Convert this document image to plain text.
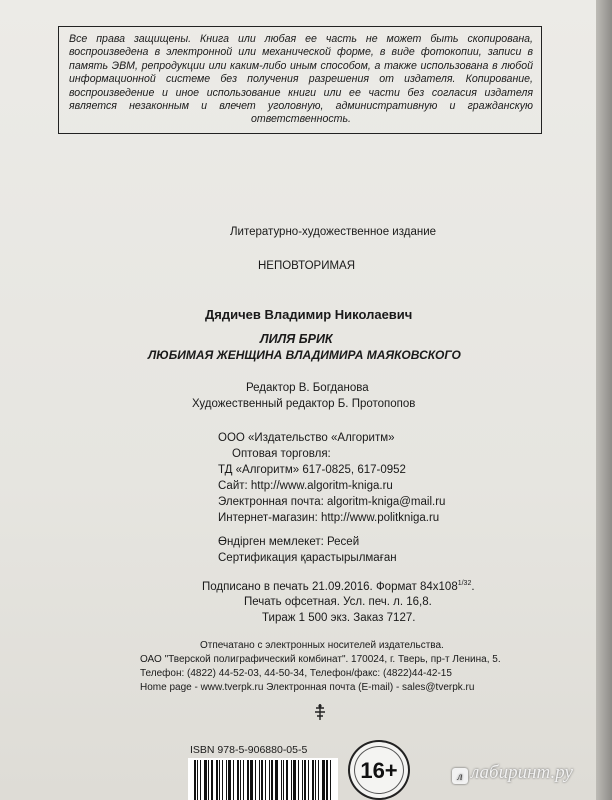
Все права защищены. Книга или любая ее часть не может быть скопирована, воспроизведена в электронной или механической форме, в виде фотокопии, записи в память ЭВМ, репродукции или каким-либо иным способом, а также использована в любой информационной системе без получения разрешения от издателя. Копирование, воспроизведение и иное использование книги или ее части без согласия издателя является незаконным и влечет уголовную, административную и гражданскую ответственность.
Литературно-художественное издание
НЕПОВТОРИМАЯ
Дядичев Владимир Николаевич
ЛИЛЯ БРИК
ЛЮБИМАЯ ЖЕНЩИНА ВЛАДИМИРА МАЯКОВСКОГО
Редактор В. Богданова
Художественный редактор Б. Протопопов
ООО «Издательство «Алгоритм»
Оптовая торговля:
ТД «Алгоритм» 617-0825, 617-0952
Сайт: http://www.algoritm-kniga.ru
Электронная почта: algoritm-kniga@mail.ru
Интернет-магазин: http://www.politkniga.ru
Өндірген мемлекет: Ресей
Сертификация қарастырылмаған
Подписано в печать 21.09.2016. Формат $84x108^{1/32}$.
Печать офсетная. Усл. печ. л. 16,8.
Тираж 1 500 экз. Заказ 7127.
Отпечатано с электронных носителей издательства.
ОАО "Тверской полиграфический комбинат". 170024, г. Тверь, пр-т Ленина, 5.
Телефон: (4822) 44-52-03, 44-50-34, Телефон/факс: (4822)44-42-15
Home page - www.tverpk.ru Электронная почта (E-mail) - sales@tverpk.ru
ISBN 978-5-906880-05-5
16+	л лабиринт.ру
